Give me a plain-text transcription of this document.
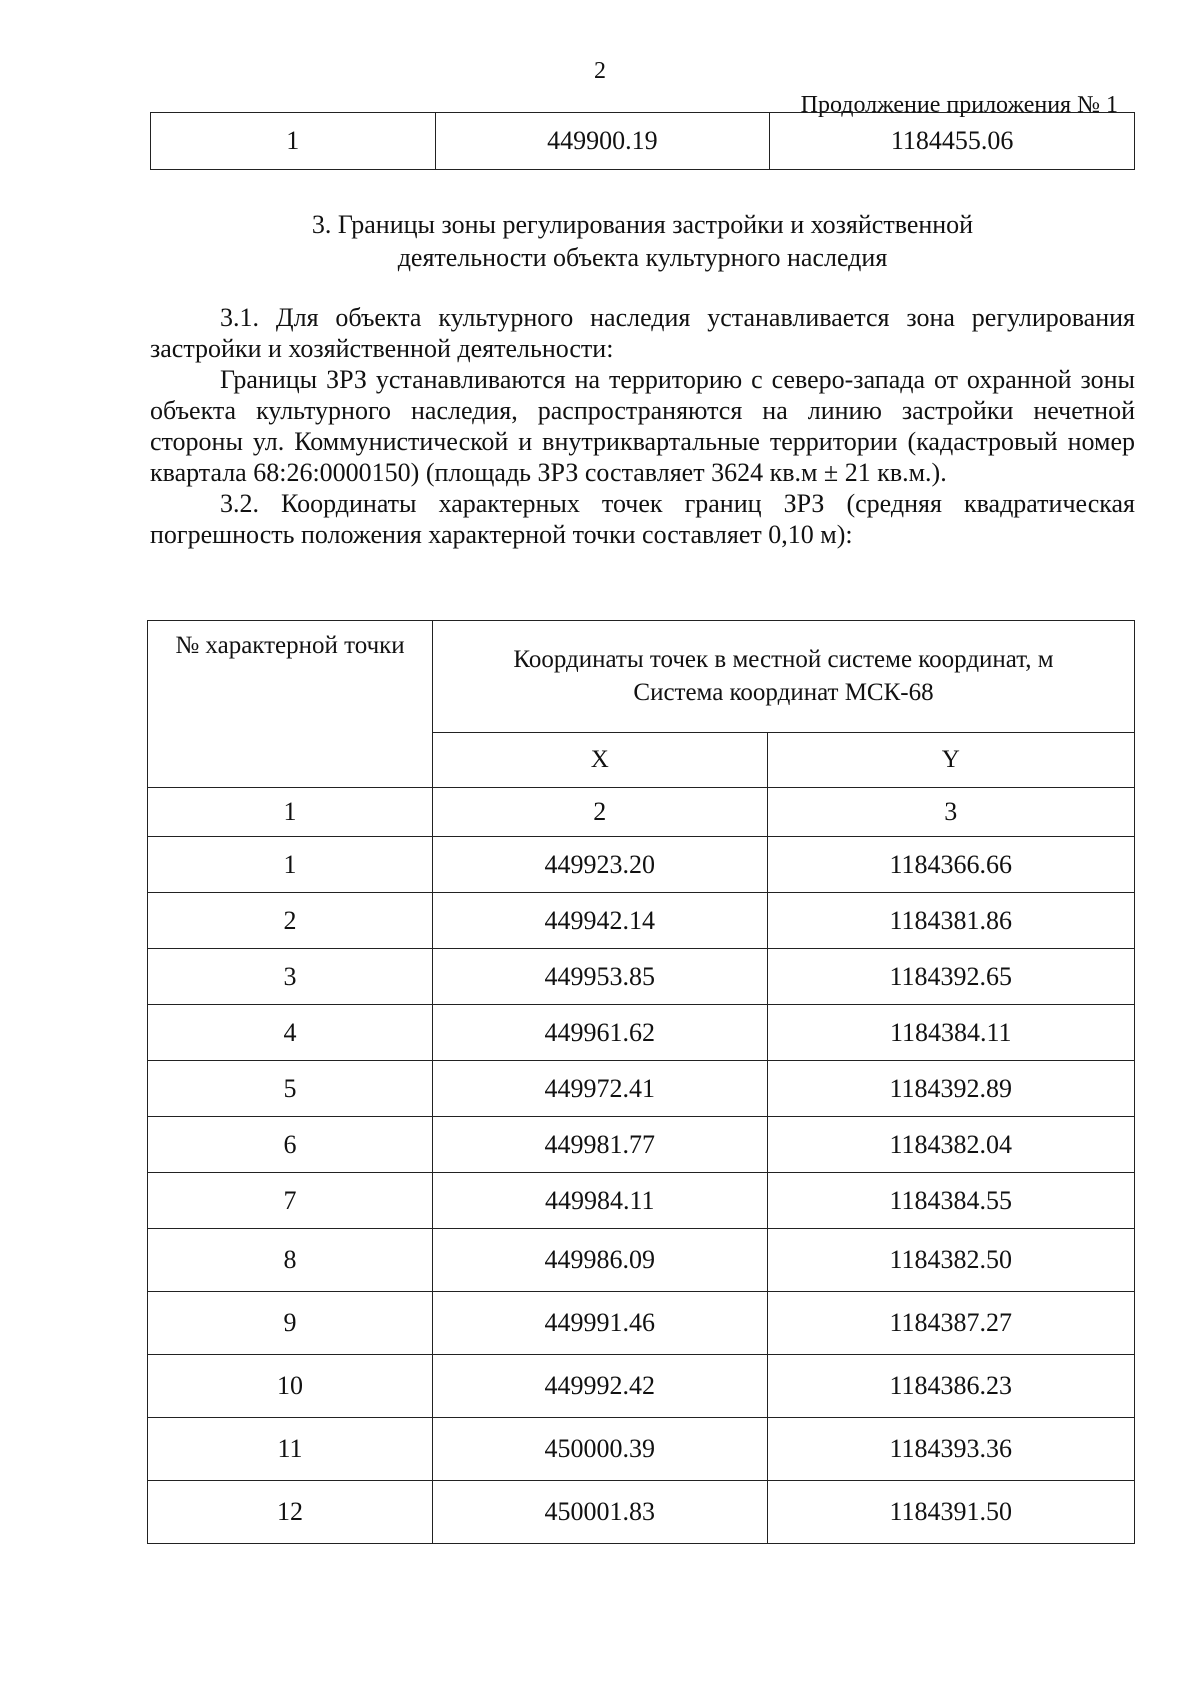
2
Продолжение приложения № 1
1	449900.19	1184455.06
3. Границы зоны регулирования застройки и хозяйственной
деятельности объекта культурного наследия

3.1. Для объекта культурного наследия устанавливается зона регулирования застройки и хозяйственной деятельности:

Границы ЗРЗ устанавливаются на территорию с северо-запада от охранной зоны объекта культурного наследия, распространяются на линию застройки нечетной стороны ул. Коммунистической и внутриквартальные территории (кадастровый номер квартала 68:26:0000150) (площадь ЗРЗ составляет 3624 кв.м ± 21 кв.м.).

3.2. Координаты характерных точек границ ЗРЗ (средняя квадратическая погрешность положения характерной точки составляет 0,10 м):

№ характерной точки	Координаты точек в местной системе координат, м
Система координат МСК-68	

	X	Y
1	2	3
1	449923.20	1184366.66
2	449942.14	1184381.86
3	449953.85	1184392.65
4	449961.62	1184384.11
5	449972.41	1184392.89
6	449981.77	1184382.04
7	449984.11	1184384.55
8	449986.09	1184382.50
9	449991.46	1184387.27
10	449992.42	1184386.23
11	450000.39	1184393.36
12	450001.83	1184391.50
